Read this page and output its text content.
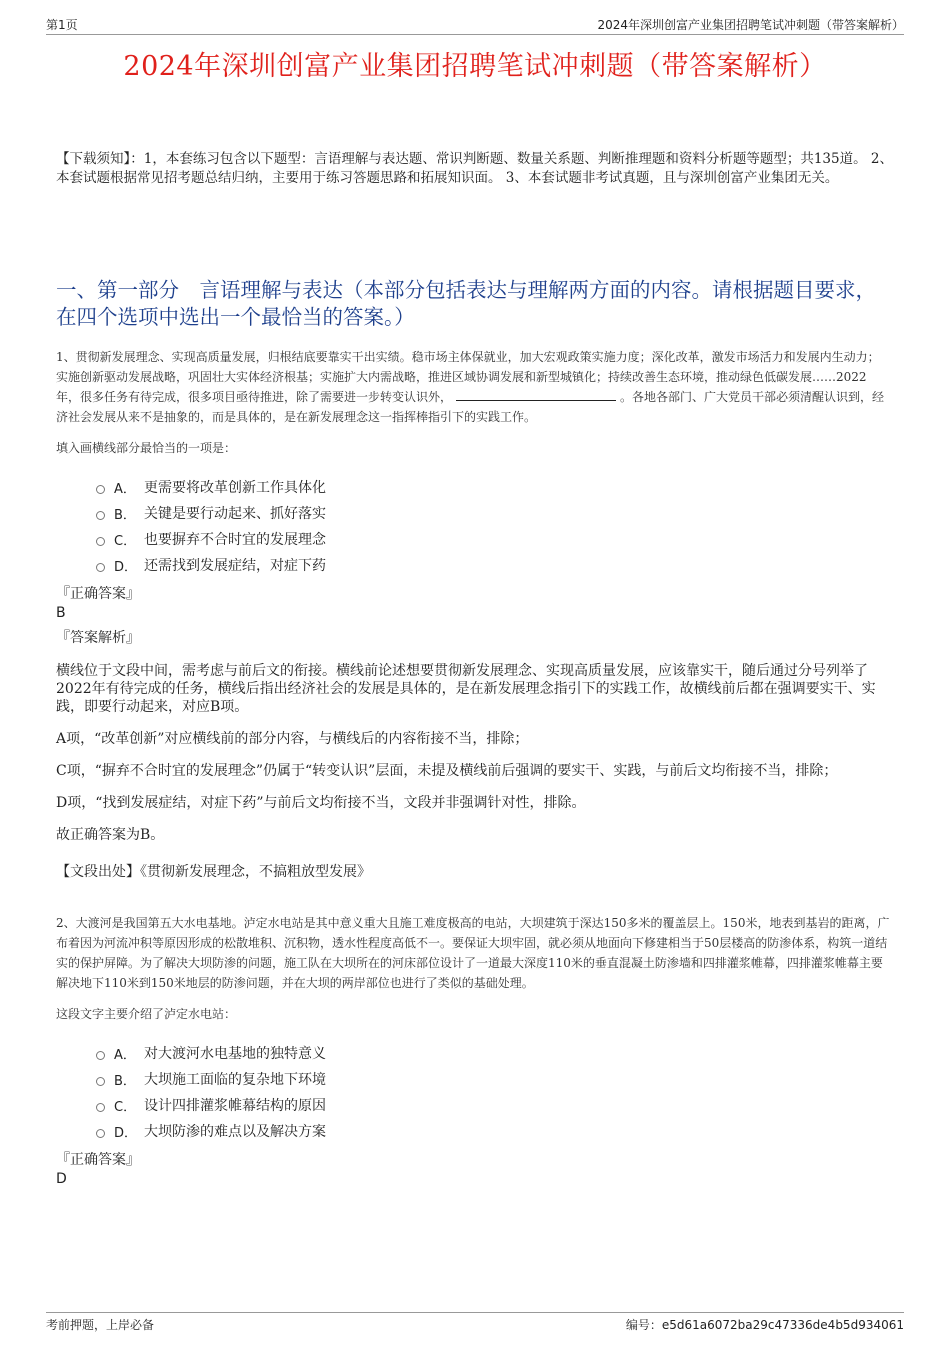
第1页	2024年深圳创富产业集团招聘笔试冲刺题（带答案解析）
2024年深圳创富产业集团招聘笔试冲刺题（带答案解析）
【下载须知】：1，本套练习包含以下题型：言语理解与表达题、常识判断题、数量关系题、判断推理题和资料分析题等题型；共135道。 2、本套试题根据常见招考题总结归纳，主要用于练习答题思路和拓展知识面。 3、本套试题非考试真题，且与深圳创富产业集团无关。
一、第一部分　言语理解与表达（本部分包括表达与理解两方面的内容。请根据题目要求，在四个选项中选出一个最恰当的答案。）
1、贯彻新发展理念、实现高质量发展，归根结底要靠实干出实绩。稳市场主体保就业，加大宏观政策实施力度；深化改革，激发市场活力和发展内生动力；实施创新驱动发展战略，巩固壮大实体经济根基；实施扩大内需战略，推进区域协调发展和新型城镇化；持续改善生态环境，推动绿色低碳发展……2022年，很多任务有待完成，很多项目亟待推进，除了需要进一步转变认识外，	。各地各部门、广大党员干部必须清醒认识到，经济社会发展从来不是抽象的，而是具体的，是在新发展理念这一指挥棒指引下的实践工作。
填入画横线部分最恰当的一项是：
A． 更需要将改革创新工作具体化
B． 关键是要行动起来、抓好落实
C． 也要摒弃不合时宜的发展理念
D． 还需找到发展症结，对症下药
『正确答案』
B
『答案解析』
横线位于文段中间，需考虑与前后文的衔接。横线前论述想要贯彻新发展理念、实现高质量发展，应该靠实干，随后通过分号列举了2022年有待完成的任务，横线后指出经济社会的发展是具体的，是在新发展理念指引下的实践工作，故横线前后都在强调要实干、实践，即要行动起来，对应B项。
A项，“改革创新”对应横线前的部分内容，与横线后的内容衔接不当，排除；
C项，“摒弃不合时宜的发展理念”仍属于“转变认识”层面，未提及横线前后强调的要实干、实践，与前后文均衔接不当，排除；
D项，“找到发展症结，对症下药”与前后文均衔接不当，文段并非强调针对性，排除。
故正确答案为B。
【文段出处】《贯彻新发展理念，不搞粗放型发展》
2、大渡河是我国第五大水电基地。泸定水电站是其中意义重大且施工难度极高的电站，大坝建筑于深达150多米的覆盖层上。150米，地表到基岩的距离，广布着因为河流冲积等原因形成的松散堆积、沉积物，透水性程度高低不一。要保证大坝牢固，就必须从地面向下修建相当于50层楼高的防渗体系，构筑一道结实的保护屏障。为了解决大坝防渗的问题，施工队在大坝所在的河床部位设计了一道最大深度110米的垂直混凝土防渗墙和四排灌浆帷幕，四排灌浆帷幕主要解决地下110米到150米地层的防渗问题，并在大坝的两岸部位也进行了类似的基础处理。
这段文字主要介绍了泸定水电站：
A． 对大渡河水电基地的独特意义
B． 大坝施工面临的复杂地下环境
C． 设计四排灌浆帷幕结构的原因
D． 大坝防渗的难点以及解决方案
『正确答案』
D
考前押题，上岸必备	编号：e5d61a6072ba29c47336de4b5d934061
